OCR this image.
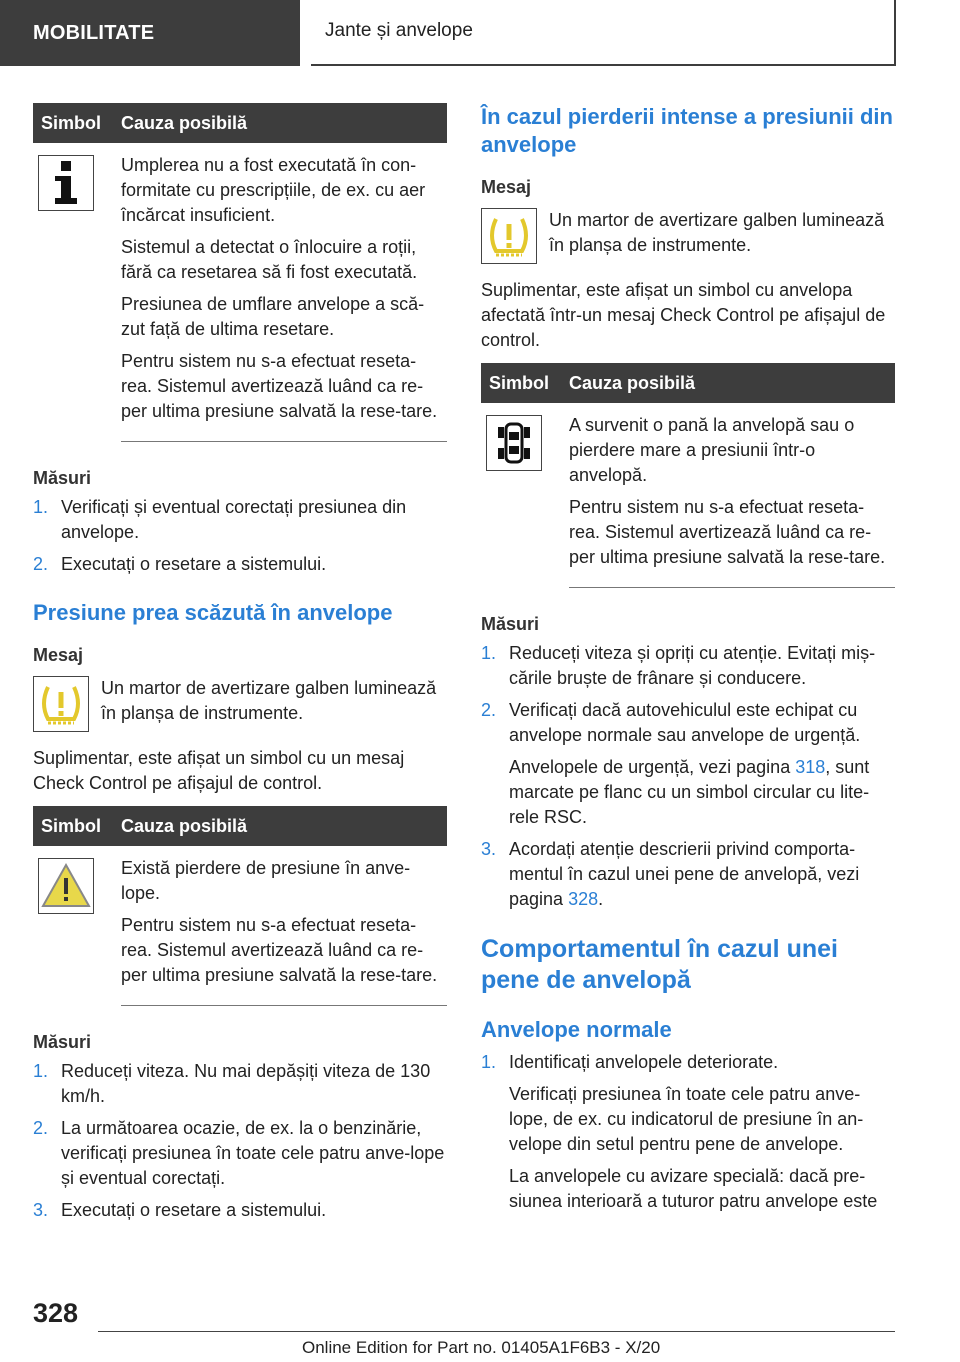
MOBILITATE	Jante și anvelope
Simbol	Cauza posibilă

Umplerea nu a fost executată în con-formitate cu prescripțiile, de ex. cu aer încărcat insuficient.

Sistemul a detectat o înlocuire a roții, fără ca resetarea să fi fost executată.

Presiunea de umflare anvelope a scă-zut față de ultima resetare.

Pentru sistem nu s-a efectuat reseta-rea. Sistemul avertizează luând ca re-per ultima presiune salvată la rese-tare.

Măsuri
1. Verificați și eventual corectați presiunea din anvelope.
2. Executați o resetare a sistemului.
Presiune prea scăzută în anvelope
Mesaj
Un martor de avertizare galben luminează în planșa de instrumente.
Suplimentar, este afișat un simbol cu un mesaj Check Control pe afișajul de control.
Simbol	Cauza posibilă

Există pierdere de presiune în anve-lope.

Pentru sistem nu s-a efectuat reseta-rea. Sistemul avertizează luând ca re-per ultima presiune salvată la rese-tare.

Măsuri
1. Reduceți viteza. Nu mai depășiți viteza de 130 km/h.
2. La următoarea ocazie, de ex. la o benzinărie, verificați presiunea în toate cele patru anve-lope și eventual corectați.
3. Executați o resetare a sistemului.
În cazul pierderii intense a presiunii din anvelope
Mesaj
Un martor de avertizare galben luminează în planșa de instrumente.
Suplimentar, este afișat un simbol cu anvelopa afectată într-un mesaj Check Control pe afișajul de control.
Simbol	Cauza posibilă

A survenit o pană la anvelopă sau o pierdere mare a presiunii într-o anvelopă.

Pentru sistem nu s-a efectuat reseta-rea. Sistemul avertizează luând ca re-per ultima presiune salvată la rese-tare.

Măsuri
1. Reduceți viteza și opriți cu atenție. Evitați miș-cările bruște de frânare și conducere.
2. Verificați dacă autovehiculul este echipat cu anvelope normale sau anvelope de urgență.

Anvelopele de urgență, vezi pagina 318, sunt marcate pe flanc cu un simbol circular cu lite-rele RSC.

3. Acordați atenție descrierii privind comporta-mentul în cazul unei pene de anvelopă, vezi pagina 328.
Comportamentul în cazul unei pene de anvelopă
Anvelope normale
1. Identificați anvelopele deteriorate.

Verificați presiunea în toate cele patru anve-lope, de ex. cu indicatorul de presiune în an-velope din setul pentru pene de anvelope.

La anvelopele cu avizare specială: dacă pre-siunea interioară a tuturor patru anvelope este

328
Online Edition for Part no. 01405A1F6B3 - X/20
